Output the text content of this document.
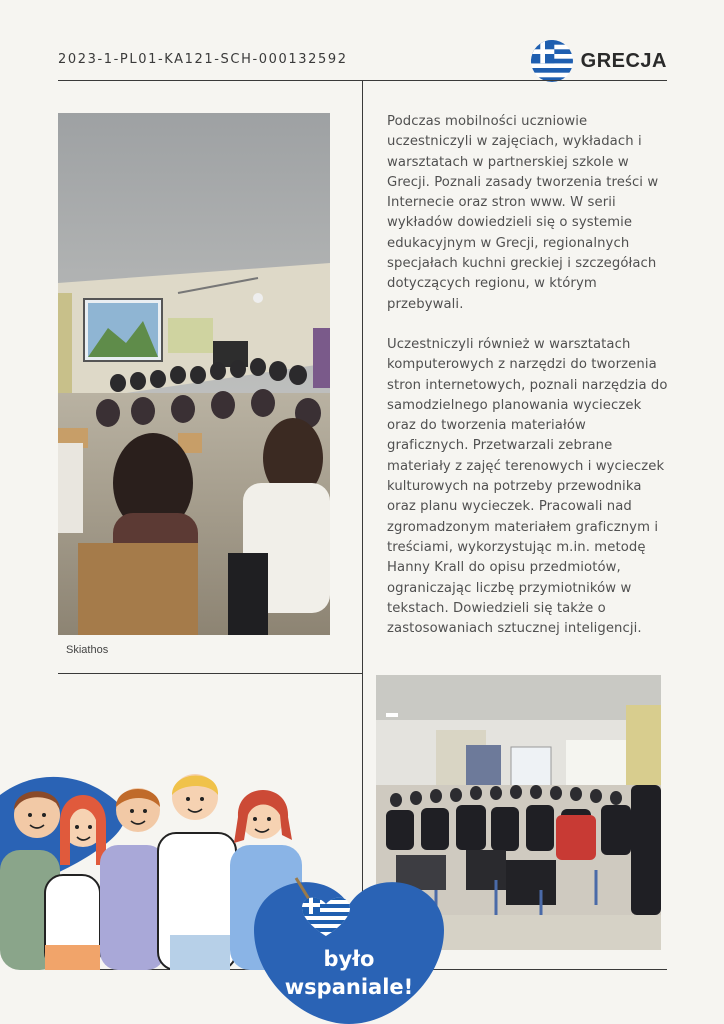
2023-1-PL01-KA121-SCH-000132592	GRECJA
Skiathos

Podczas mobilności uczniowie uczestniczyli w zajęciach, wykładach i warsztatach w partnerskiej szkole w Grecji. Poznali zasady tworzenia treści w Internecie oraz stron www. W serii wykładów dowiedzieli się o systemie edukacyjnym w Grecji, regionalnych specjałach kuchni greckiej i szczegółach dotyczących regionu, w którym przebywali.

Uczestniczyli również w warsztatach komputerowych z narzędzi do tworzenia stron internetowych, poznali narzędzia do samodzielnego planowania wycieczek oraz do tworzenia materiałów graficznych. Przetwarzali zebrane materiały z zajęć terenowych i wycieczek kulturowych na potrzeby przewodnika oraz planu wycieczek. Pracowali nad zgromadzonym materiałem graficznym i treściami, wykorzystując m.in. metodę Hanny Krall do opisu przedmiotów, ograniczając liczbę przymiotników w tekstach. Dowiedzieli się także o zastosowaniach sztucznej inteligencji.

było
wspaniale!
